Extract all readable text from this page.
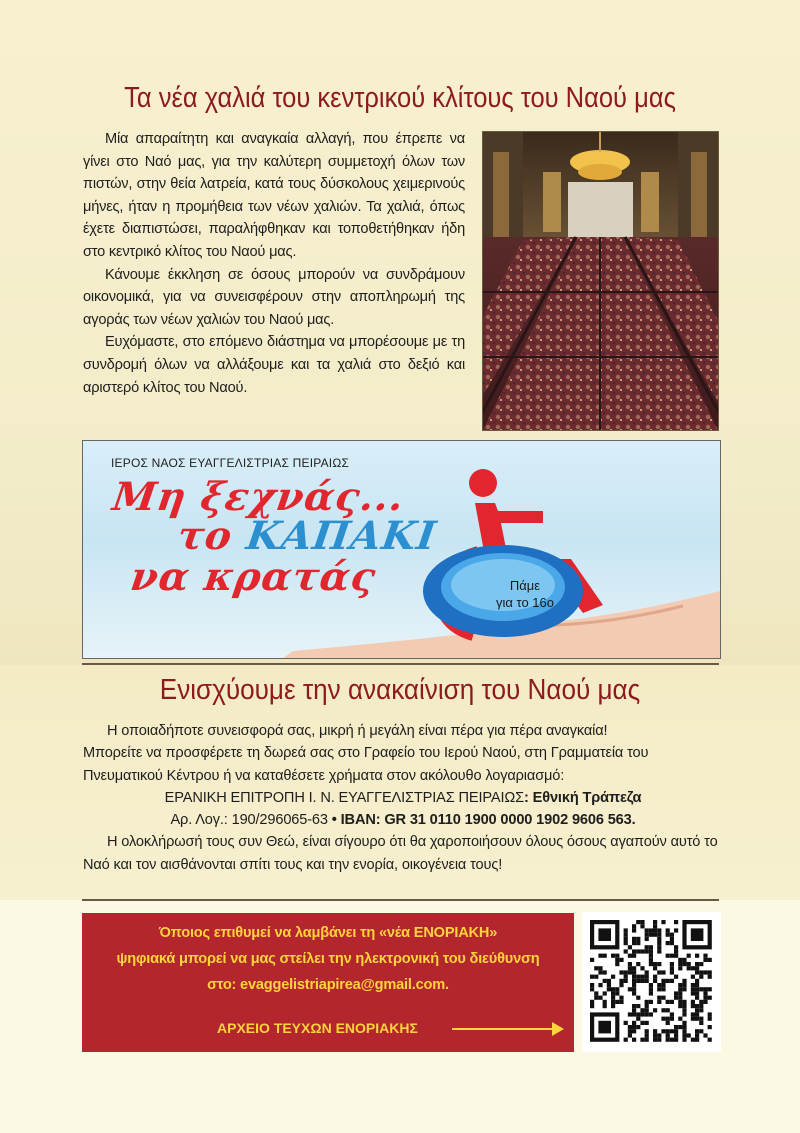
Τα νέα χαλιά του κεντρικού κλίτους του Ναού μας

Μία απαραίτητη και αναγκαία αλλαγή, που έπρεπε να γίνει στο Ναό μας, για την καλύτερη συμμετοχή όλων των πιστών, στην θεία λατρεία, κατά τους δύσκολους χειμερινούς μήνες, ήταν η προμήθεια των νέων χαλιών. Τα χαλιά, όπως έχετε διαπιστώσει, παραλήφθηκαν και τοποθετήθηκαν ήδη στο κεντρικό κλίτος του Ναού μας.

Κάνουμε έκκληση σε όσους μπορούν να συνδράμουν οικονομικά, για να συνεισφέρουν στην αποπληρωμή της αγοράς των νέων χαλιών του Ναού μας.

Ευχόμαστε, στο επόμενο διάστημα να μπορέσουμε με τη συνδρομή όλων να αλλάξουμε και τα χαλιά στο δεξιό και αριστερό κλίτος του Ναού.

ΙΕΡΟΣ ΝΑΟΣ ΕΥΑΓΓΕΛΙΣΤΡΙΑΣ ΠΕΙΡΑΙΩΣ
Μη ξεχνάς...
το ΚΑΠΑΚΙ
να κρατάς	Πάμε
για το 16ο
Ενισχύουμε την ανακαίνιση του Ναού μας

Η οποιαδήποτε συνεισφορά σας, μικρή ή μεγάλη είναι πέρα για πέρα αναγκαία!

Μπορείτε να προσφέρετε τη δωρεά σας στο Γραφείο του Ιερού Ναού, στη Γραμματεία του Πνευματικού Κέντρου ή να καταθέσετε χρήματα στον ακόλουθο λογαριασμό:

ΕΡΑΝΙΚΗ ΕΠΙΤΡΟΠΗ Ι. Ν. ΕΥΑΓΓΕΛΙΣΤΡΙΑΣ ΠΕΙΡΑΙΩΣ: Εθνική Τράπεζα

Αρ. Λογ.: 190/296065-63 • IBAN: GR 31 0110 1900 0000 1902 9606 563.

Η ολοκλήρωσή τους συν Θεώ, είναι σίγουρο ότι θα χαροποιήσουν όλους όσους αγαπούν αυτό το Ναό και τον αισθάνονται σπίτι τους και την ενορία, οικογένεια τους!

Όποιος επιθυμεί να λαμβάνει τη «νέα ΕΝΟΡΙΑΚΗ»
ψηφιακά μπορεί να μας στείλει την ηλεκτρονική του διεύθυνση
στο: evaggelistriapirea@gmail.com.
ΑΡΧΕΙΟ ΤΕΥΧΩΝ ΕΝΟΡΙΑΚΗΣ
